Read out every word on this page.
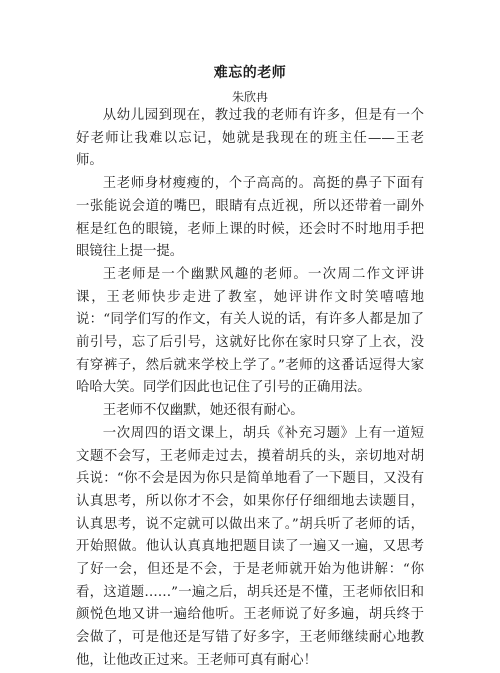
难忘的老师
朱欣冉

从幼儿园到现在，教过我的老师有许多，但是有一个好老师让我难以忘记，她就是我现在的班主任——王老师。

王老师身材瘦瘦的，个子高高的。高挺的鼻子下面有一张能说会道的嘴巴，眼睛有点近视，所以还带着一副外框是红色的眼镜，老师上课的时候，还会时不时地用手把眼镜往上提一提。

王老师是一个幽默风趣的老师。一次周二作文评讲课，王老师快步走进了教室，她评讲作文时笑嘻嘻地说：“同学们写的作文，有关人说的话，有许多人都是加了前引号，忘了后引号，这就好比你在家时只穿了上衣，没有穿裤子，然后就来学校上学了。”老师的这番话逗得大家哈哈大笑。同学们因此也记住了引号的正确用法。

王老师不仅幽默，她还很有耐心。

一次周四的语文课上，胡兵《补充习题》上有一道短文题不会写，王老师走过去，摸着胡兵的头，亲切地对胡兵说：“你不会是因为你只是简单地看了一下题目，又没有认真思考，所以你才不会，如果你仔仔细细地去读题目，认真思考，说不定就可以做出来了。”胡兵听了老师的话，开始照做。他认认真真地把题目读了一遍又一遍，又思考了好一会，但还是不会，于是老师就开始为他讲解：“你看，这道题……”一遍之后，胡兵还是不懂，王老师依旧和颜悦色地又讲一遍给他听。王老师说了好多遍，胡兵终于会做了，可是他还是写错了好多字，王老师继续耐心地教他，让他改正过来。王老师可真有耐心！
